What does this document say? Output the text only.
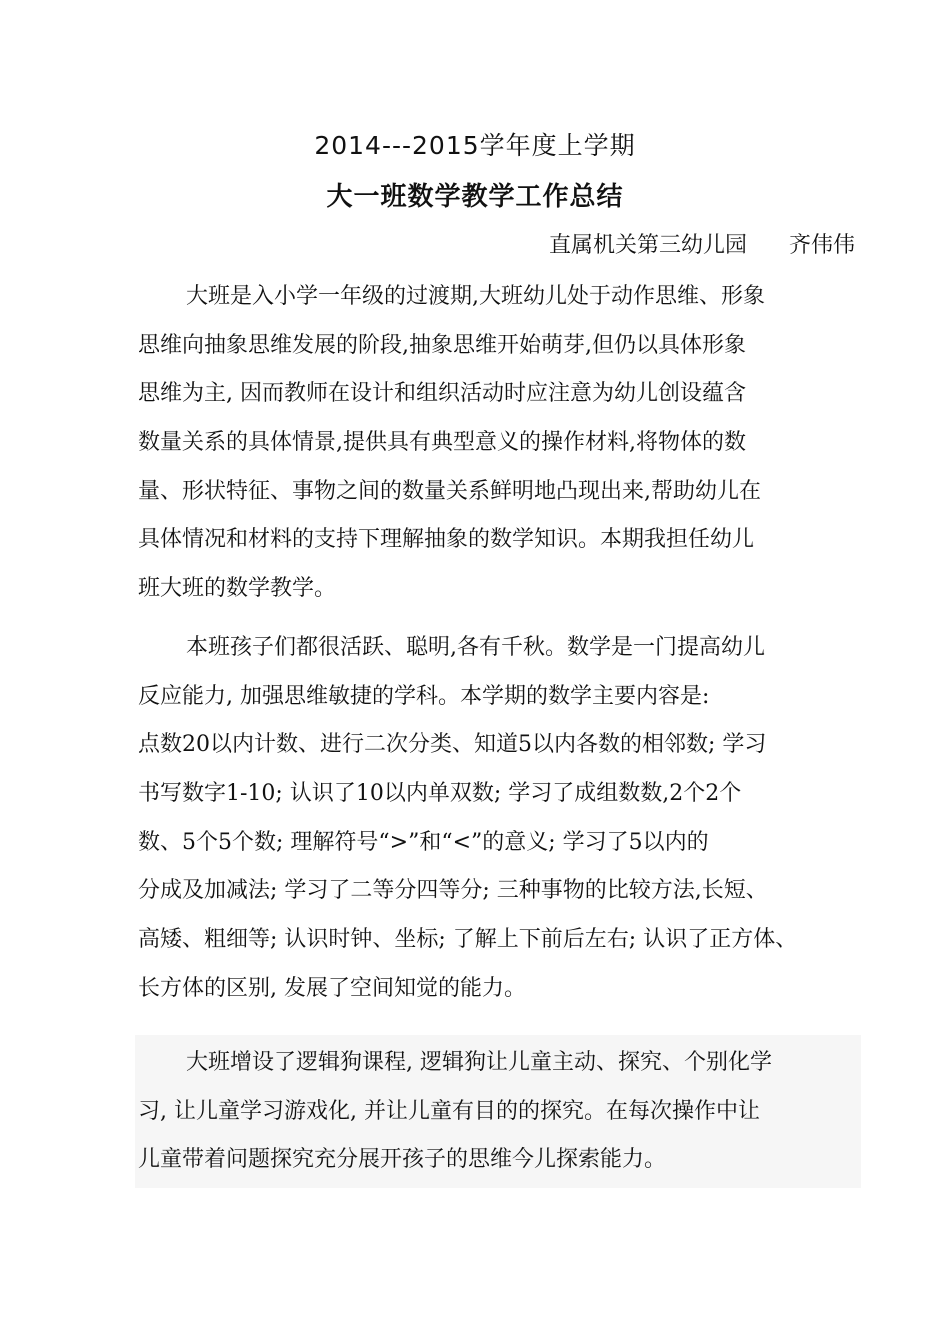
2014---2015学年度上学期
大一班数学教学工作总结
直属机关第三幼儿园      齐伟伟
大班是入小学一年级的过渡期,大班幼儿处于动作思维、形象
思维向抽象思维发展的阶段,抽象思维开始萌芽,但仍以具体形象
思维为主, 因而教师在设计和组织活动时应注意为幼儿创设蕴含
数量关系的具体情景,提供具有典型意义的操作材料,将物体的数
量、形状特征、事物之间的数量关系鲜明地凸现出来,帮助幼儿在
具体情况和材料的支持下理解抽象的数学知识。本期我担任幼儿
班大班的数学教学。
本班孩子们都很活跃、聪明,各有千秋。数学是一门提高幼儿
反应能力, 加强思维敏捷的学科。本学期的数学主要内容是:
点数20以内计数、进行二次分类、知道5以内各数的相邻数; 学习
书写数字1-10; 认识了10以内单双数; 学习了成组数数,2个2个
数、5个5个数; 理解符号“>”和“<”的意义; 学习了5以内的
分成及加减法; 学习了二等分四等分; 三种事物的比较方法,长短、
高矮、粗细等; 认识时钟、坐标; 了解上下前后左右; 认识了正方体、
长方体的区别, 发展了空间知觉的能力。
大班增设了逻辑狗课程, 逻辑狗让儿童主动、探究、个别化学
习, 让儿童学习游戏化, 并让儿童有目的的探究。在每次操作中让
儿童带着问题探究充分展开孩子的思维今儿探索能力。
